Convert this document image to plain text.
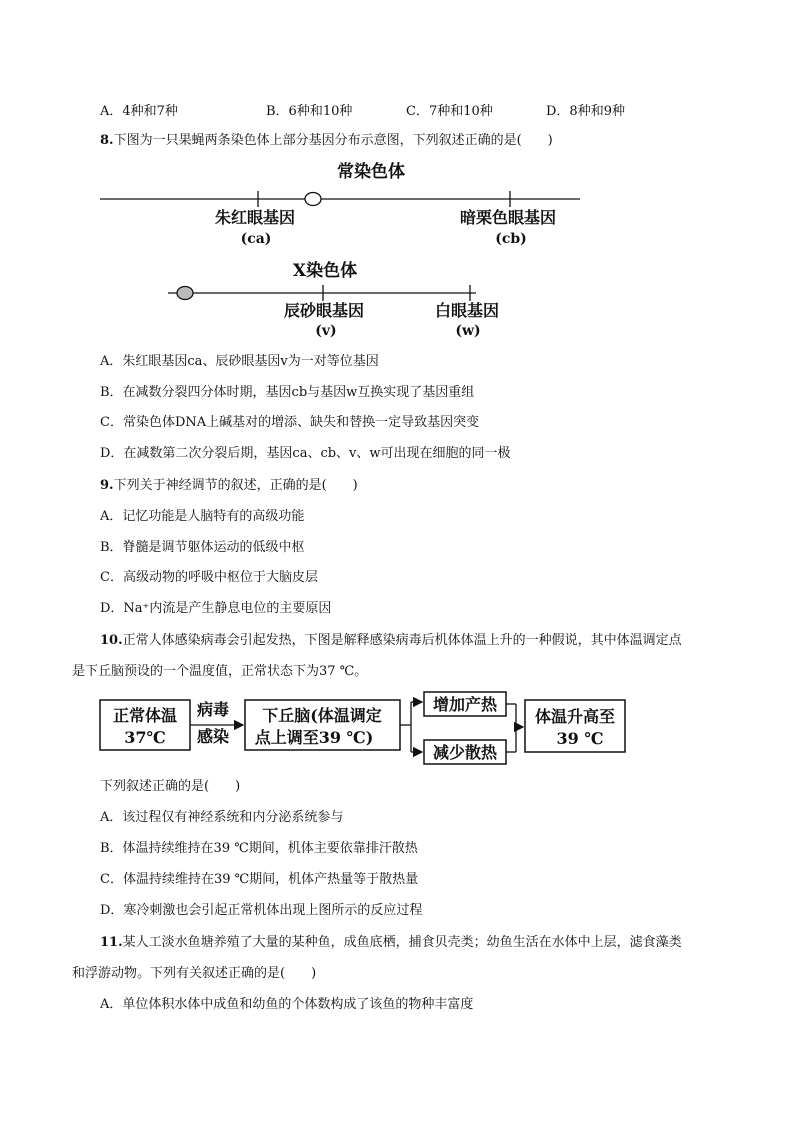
A．4种和7种	B．6种和10种	C．7种和10种	D．8种和9种
8.下图为一只果蝇两条染色体上部分基因分布示意图，下列叙述正确的是(　　)
常染色体
朱红眼基因
(ca)
暗栗色眼基因
(cb)
X染色体
辰砂眼基因
(v)
白眼基因
(w)
A．朱红眼基因ca、辰砂眼基因v为一对等位基因
B．在减数分裂四分体时期，基因cb与基因w互换实现了基因重组
C．常染色体DNA上碱基对的增添、缺失和替换一定导致基因突变
D．在减数第二次分裂后期，基因ca、cb、v、w可出现在细胞的同一极
9.下列关于神经调节的叙述，正确的是(　　)
A．记忆功能是人脑特有的高级功能
B．脊髓是调节躯体运动的低级中枢
C．高级动物的呼吸中枢位于大脑皮层
D．Na⁺内流是产生静息电位的主要原因
10.正常人体感染病毒会引起发热，下图是解释感染病毒后机体体温上升的一种假说，其中体温调定点
是下丘脑预设的一个温度值，正常状态下为37 ℃。
正常体温
37℃
病毒
感染
下丘脑(体温调定
点上调至39 ℃)
增加产热
减少散热
体温升高至
39 ℃
下列叙述正确的是(　　)
A．该过程仅有神经系统和内分泌系统参与
B．体温持续维持在39 ℃期间，机体主要依靠排汗散热
C．体温持续维持在39 ℃期间，机体产热量等于散热量
D．寒冷刺激也会引起正常机体出现上图所示的反应过程
11.某人工淡水鱼塘养殖了大量的某种鱼，成鱼底栖，捕食贝壳类；幼鱼生活在水体中上层，滤食藻类
和浮游动物。下列有关叙述正确的是(　　)
A．单位体积水体中成鱼和幼鱼的个体数构成了该鱼的物种丰富度
